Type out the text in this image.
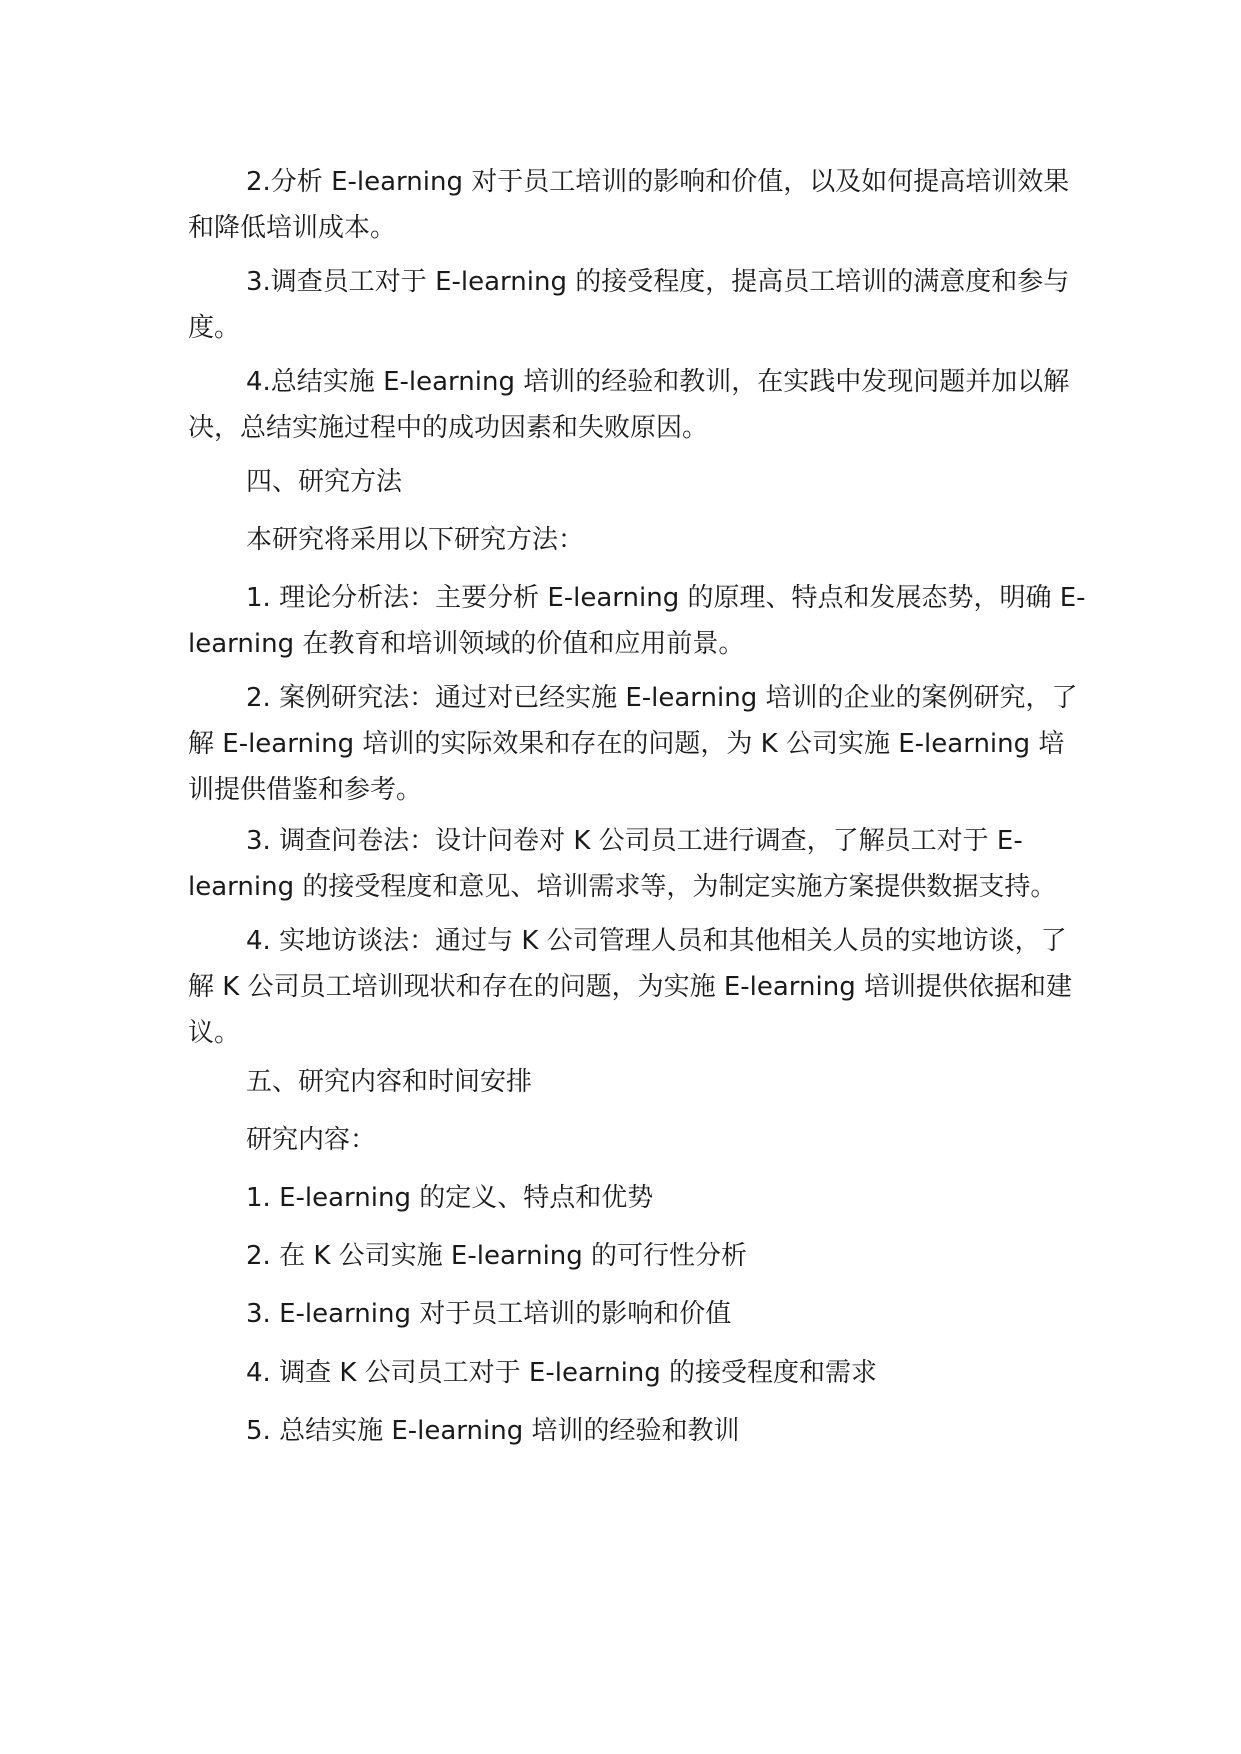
2.分析 E-learning 对于员工培训的影响和价值，以及如何提高培训效果和降低培训成本。

3.调查员工对于 E-learning 的接受程度，提高员工培训的满意度和参与度。

4.总结实施 E-learning 培训的经验和教训，在实践中发现问题并加以解决，总结实施过程中的成功因素和失败原因。

四、研究方法

本研究将采用以下研究方法：

1. 理论分析法：主要分析 E-learning 的原理、特点和发展态势，明确 E-learning 在教育和培训领域的价值和应用前景。

2. 案例研究法：通过对已经实施 E-learning 培训的企业的案例研究，了解 E-learning 培训的实际效果和存在的问题，为 K 公司实施 E-learning 培训提供借鉴和参考。

3. 调查问卷法：设计问卷对 K 公司员工进行调查，了解员工对于 E-learning 的接受程度和意见、培训需求等，为制定实施方案提供数据支持。

4. 实地访谈法：通过与 K 公司管理人员和其他相关人员的实地访谈，了解 K 公司员工培训现状和存在的问题，为实施 E-learning 培训提供依据和建议。

五、研究内容和时间安排

研究内容：

1. E-learning 的定义、特点和优势

2. 在 K 公司实施 E-learning 的可行性分析

3. E-learning 对于员工培训的影响和价值

4. 调查 K 公司员工对于 E-learning 的接受程度和需求

5. 总结实施 E-learning 培训的经验和教训
